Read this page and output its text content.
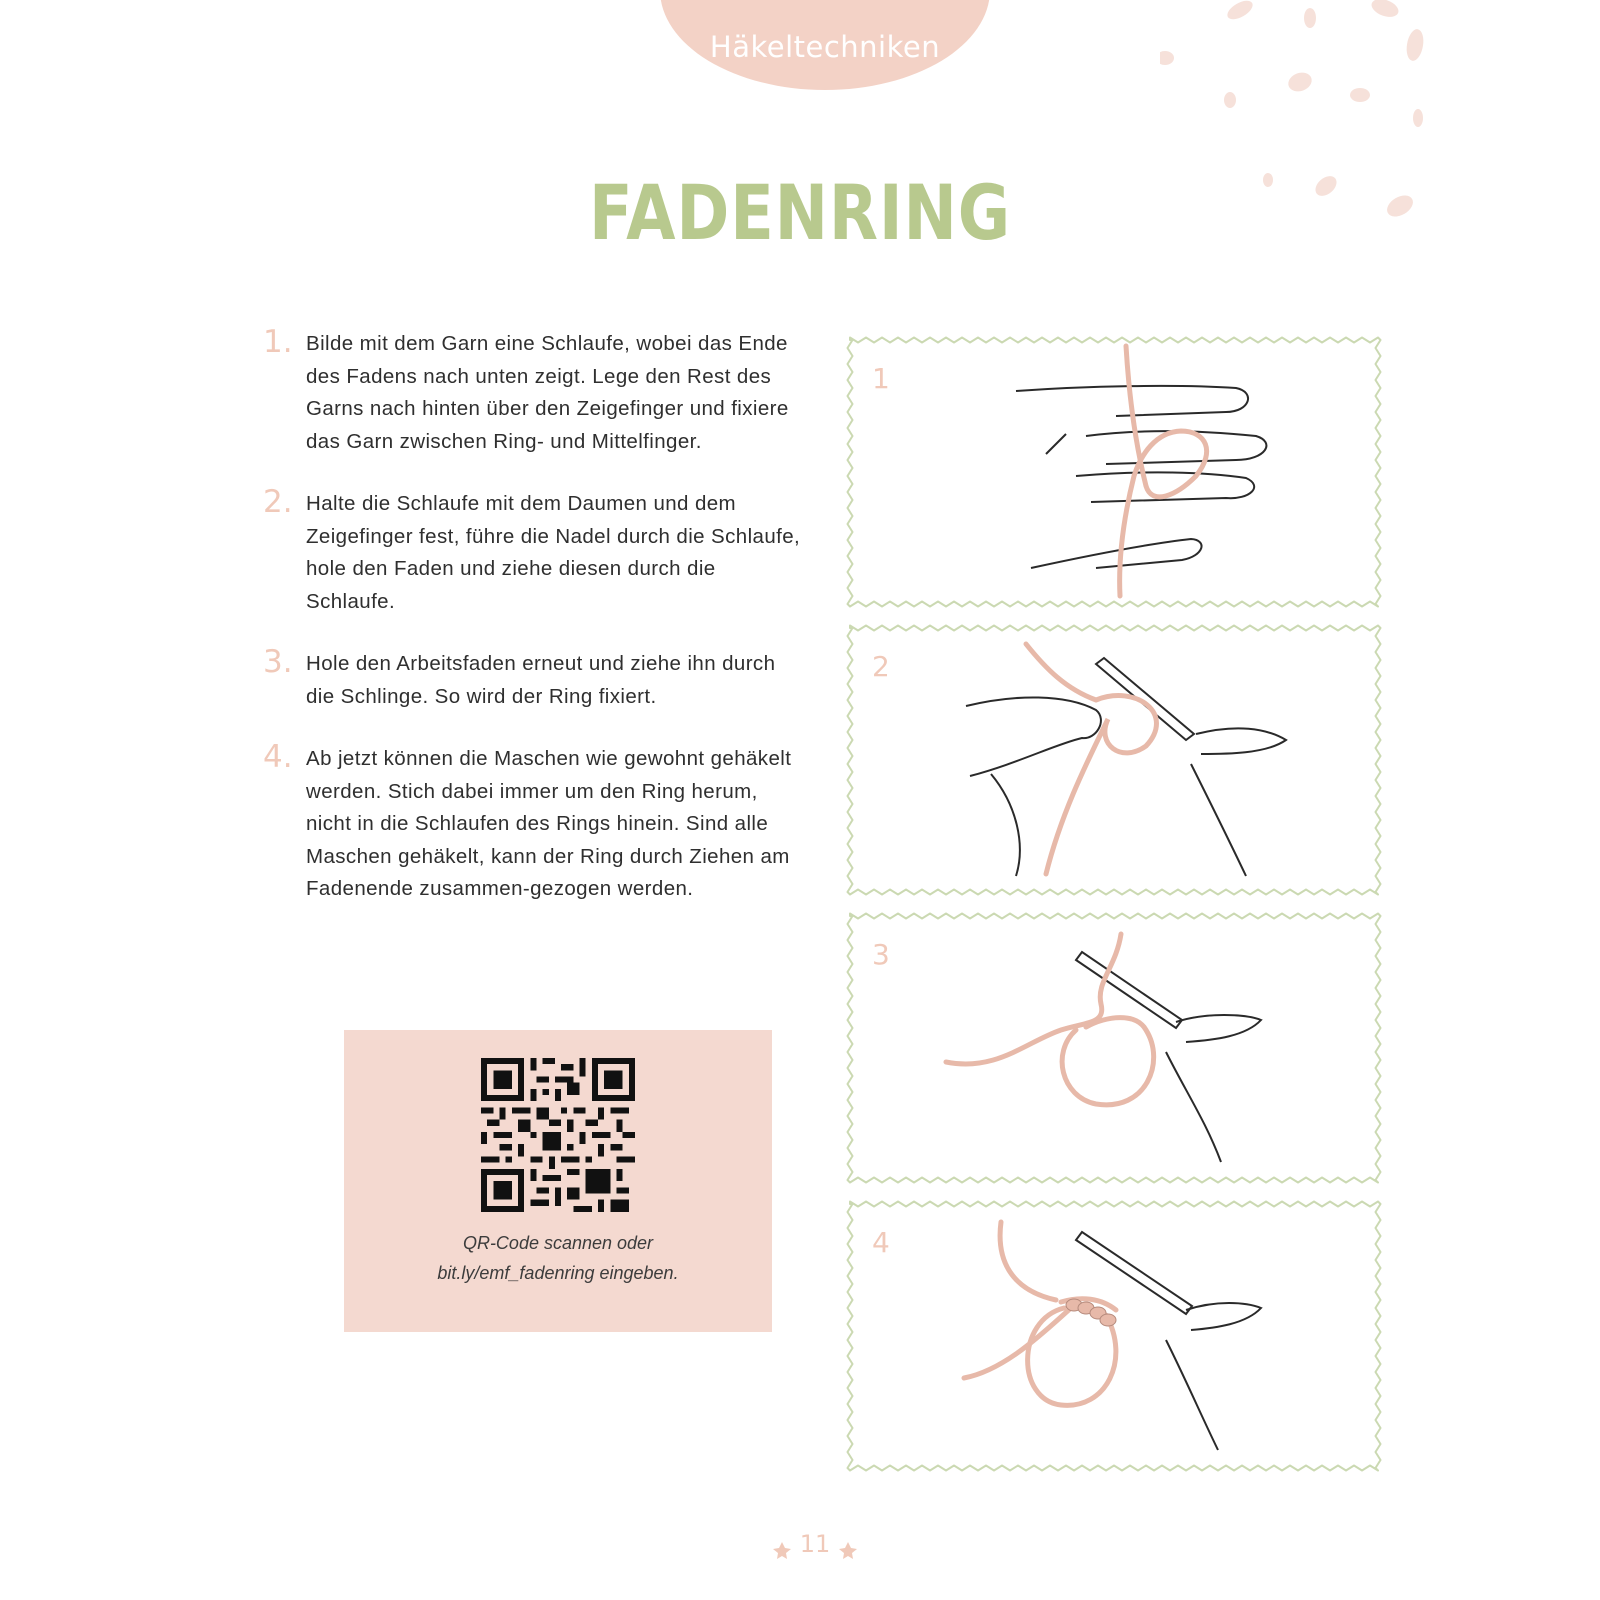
Häkeltechniken
FADENRING
1. Bilde mit dem Garn eine Schlaufe, wobei das Ende des Fadens nach unten zeigt. Lege den Rest des Garns nach hinten über den Zeigefinger und fixiere das Garn zwischen Ring- und Mittelfinger.
2. Halte die Schlaufe mit dem Daumen und dem Zeigefinger fest, führe die Nadel durch die Schlaufe, hole den Faden und ziehe diesen durch die Schlaufe.
3. Hole den Arbeitsfaden erneut und ziehe ihn durch die Schlinge. So wird der Ring fixiert.
4. Ab jetzt können die Maschen wie gewohnt gehäkelt werden. Stich dabei immer um den Ring herum, nicht in die Schlaufen des Rings hinein. Sind alle Maschen gehäkelt, kann der Ring durch Ziehen am Fadenende zusammen-gezogen werden.
QR-Code scannen oder
bit.ly/emf_fadenring eingeben.
1
2
3
4
11
